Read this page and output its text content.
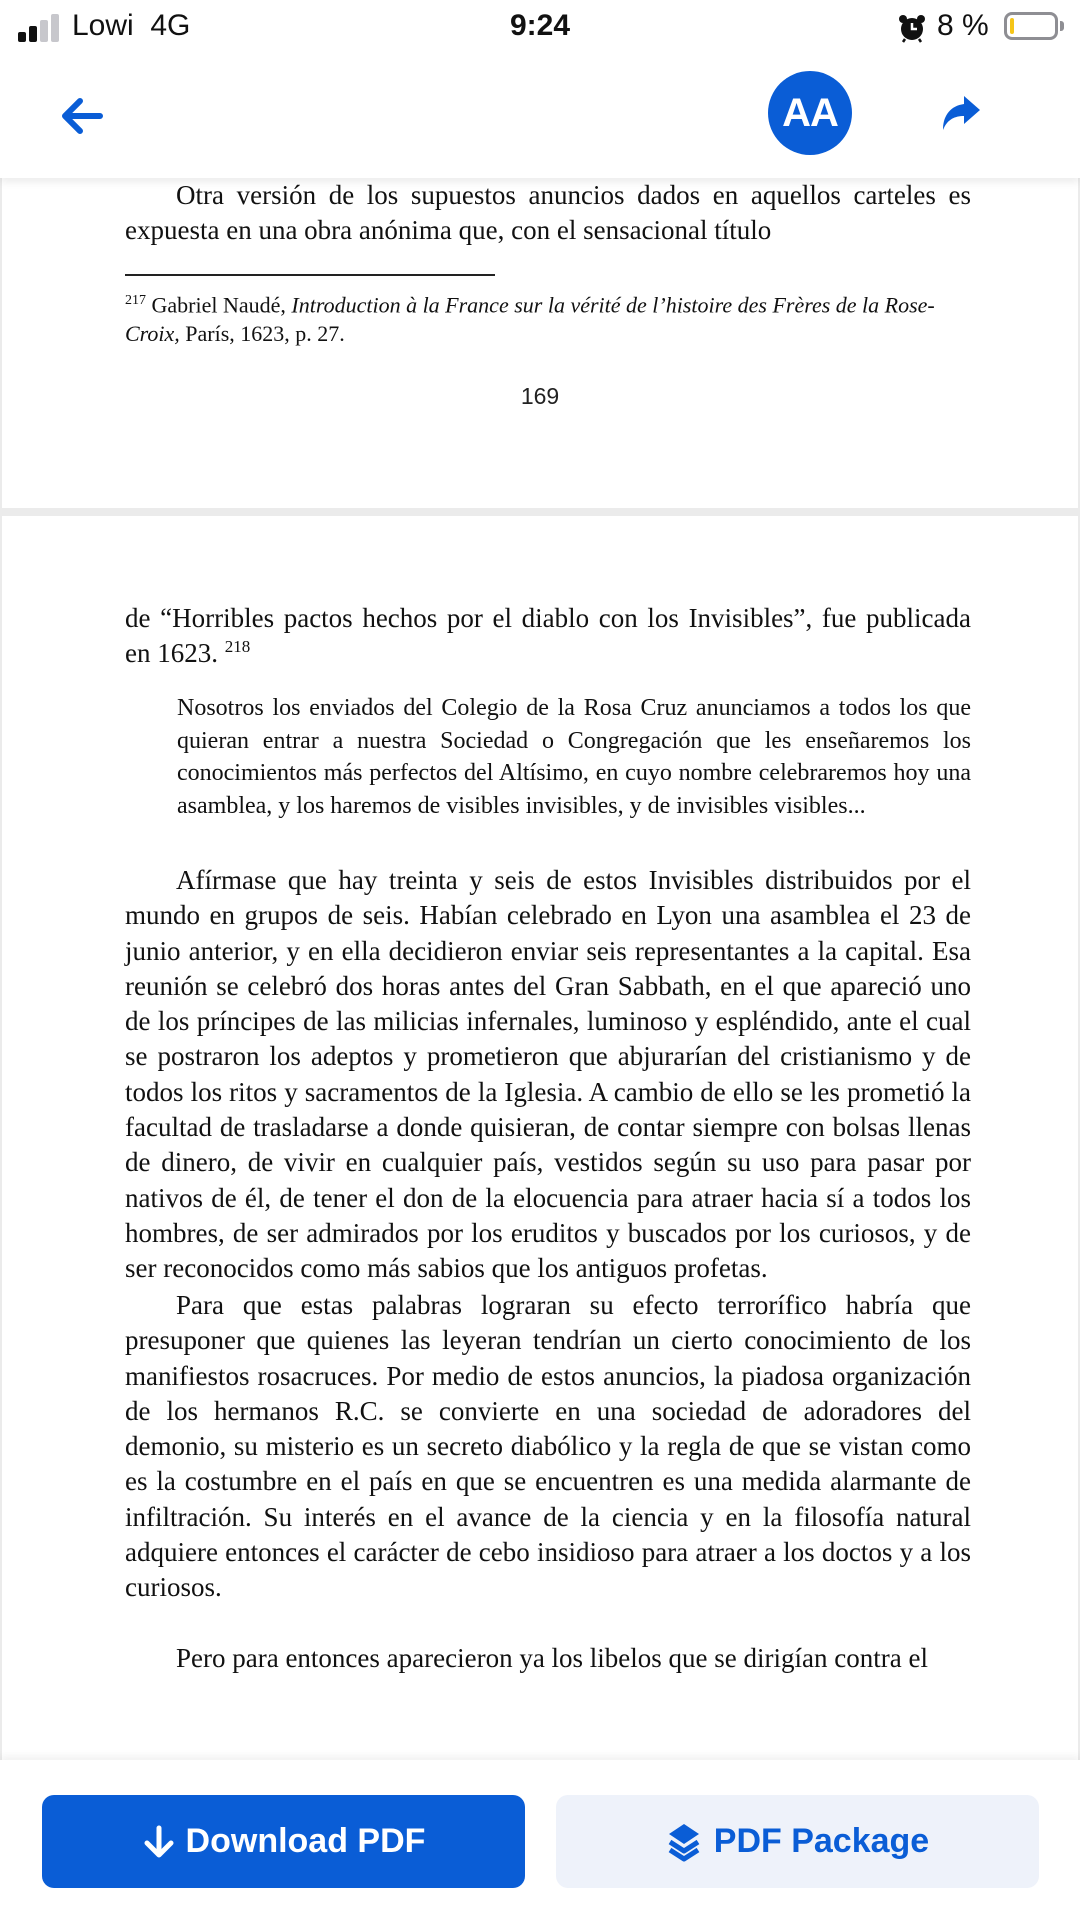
Lowi 4G	9:24	8 %
AA
Otra versión de los supuestos anuncios dados en aquellos carteles es expuesta en una obra anónima que, con el sensacional título
$^{217}$ Gabriel Naudé, Introduction à la France sur la vérité de l’histoire des Frères de la Rose-Croix, París, 1623, p. 27.
169
de “Horribles pactos hechos por el diablo con los Invisibles”, fue publicada en 1623. $^{218}$
Nosotros los enviados del Colegio de la Rosa Cruz anunciamos a todos los que quieran entrar a nuestra Sociedad o Congregación que les enseñaremos los conocimientos más perfectos del Altísimo, en cuyo nombre celebraremos hoy una asamblea, y los haremos de visibles invisibles, y de invisibles visibles...
Afírmase que hay treinta y seis de estos Invisibles distribuidos por el mundo en grupos de seis. Habían celebrado en Lyon una asamblea el 23 de junio anterior, y en ella decidieron enviar seis representantes a la capital. Esa reunión se celebró dos horas antes del Gran Sabbath, en el que apareció uno de los príncipes de las milicias infernales, luminoso y espléndido, ante el cual se postraron los adeptos y prometieron que abjurarían del cristianismo y de todos los ritos y sacramentos de la Iglesia. A cambio de ello se les prometió la facultad de trasladarse a donde quisieran, de contar siempre con bolsas llenas de dinero, de vivir en cualquier país, vestidos según su uso para pasar por nativos de él, de tener el don de la elocuencia para atraer hacia sí a todos los hombres, de ser admirados por los eruditos y buscados por los curiosos, y de ser reconocidos como más sabios que los antiguos profetas.
Para que estas palabras lograran su efecto terrorífico habría que presuponer que quienes las leyeran tendrían un cierto conocimiento de los manifiestos rosacruces. Por medio de estos anuncios, la piadosa organización de los hermanos R.C. se convierte en una sociedad de adoradores del demonio, su misterio es un secreto diabólico y la regla de que se vistan como es la costumbre en el país en que se encuentren es una medida alarmante de infiltración. Su interés en el avance de la ciencia y en la filosofía natural adquiere entonces el carácter de cebo insidioso para atraer a los doctos y a los curiosos.
Pero para entonces aparecieron ya los libelos que se dirigían contra el
Download PDF	PDF Package
